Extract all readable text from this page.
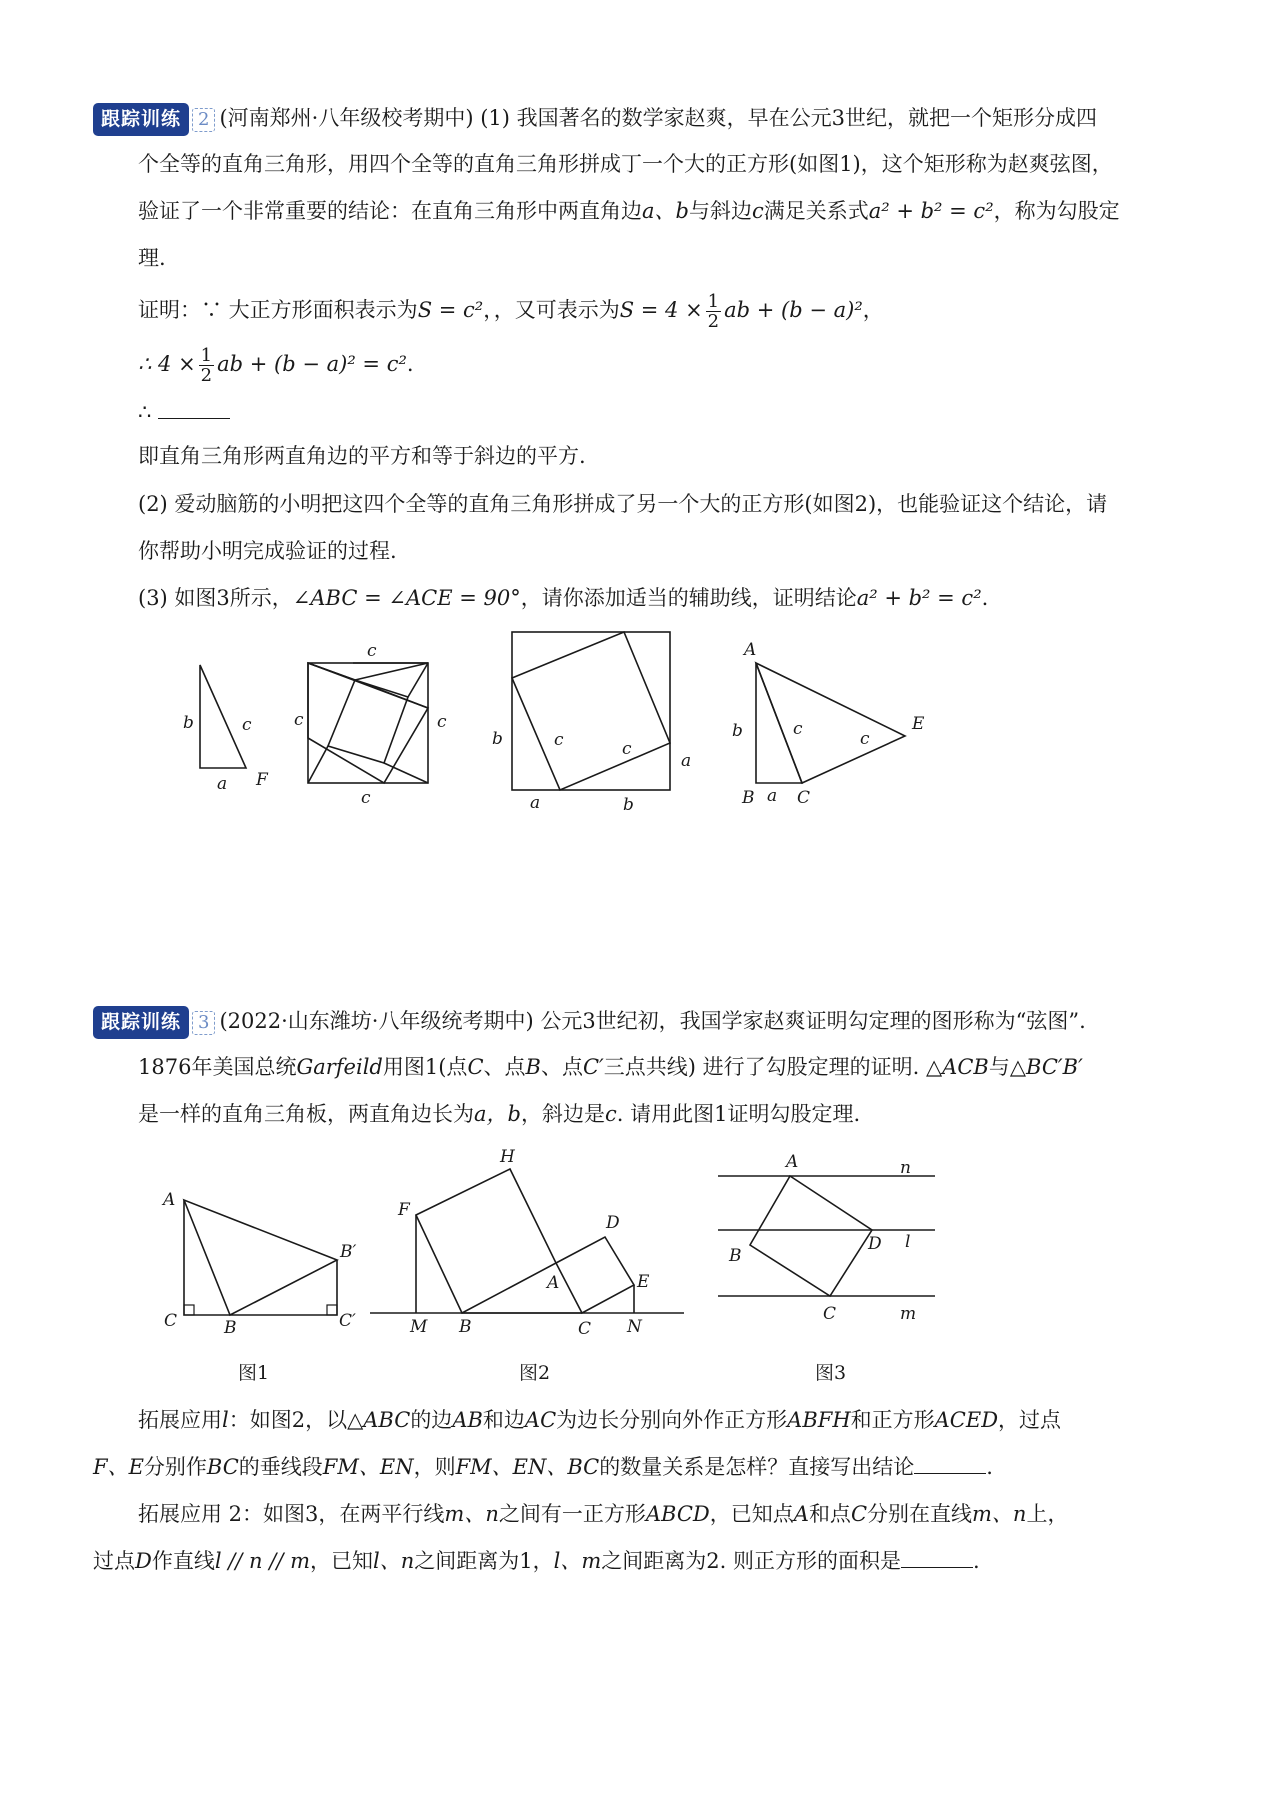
跟踪训练 2 (河南郑州·八年级校考期中) (1) 我国著名的数学家赵爽，早在公元3世纪，就把一个矩形分成四
个全等的直角三角形，用四个全等的直角三角形拼成丁一个大的正方形(如图1)，这个矩形称为赵爽弦图，
验证了一个非常重要的结论：在直角三角形中两直角边a、b与斜边c满足关系式a² + b² = c²，称为勾股定
理.
证明：∵ 大正方形面积表示为S = c²，，又可表示为$S = 4 \times \frac{1}{2}$ ab + (b − a)²，
∴ $4 \times \frac{1}{2}$ ab + (b − a)² = c².
∴
即直角三角形两直角边的平方和等于斜边的平方.
(2) 爱动脑筋的小明把这四个全等的直角三角形拼成了另一个大的正方形(如图2)，也能验证这个结论，请
你帮助小明完成验证的过程.
(3) 如图3所示，∠ABC = ∠ACE = 90°，请你添加适当的辅助线，证明结论a² + b² = c².
b	c
a F
c
c	c
c
b	c	c
a
a	b
A
b	c	c
E
B a C
跟踪训练 3 (2022·山东潍坊·八年级统考期中) 公元3世纪初，我国学家赵爽证明勾定理的图形称为“弦图”.
1876年美国总统Garfeild用图1(点C、点B、点C′三点共线) 进行了勾股定理的证明. △ACB与△BC′B′
是一样的直角三角板，两直角边长为a，b，斜边是c. 请用此图1证明勾股定理.
A
B′
C	B	C′
图1
H
F
D
A	E
M B	C N
图2
A	n
D l
B
C	m
图3
拓展应用l：如图2，以△ABC的边AB和边AC为边长分别向外作正方形ABFH和正方形ACED，过点
F、E分别作BC的垂线段FM、EN，则FM、EN、BC的数量关系是怎样？直接写出结论	.
拓展应用 2：如图3，在两平行线m、n之间有一正方形ABCD，已知点A和点C分别在直线m、n上，
过点D作直线l // n // m，已知l、n之间距离为1，l、m之间距离为2. 则正方形的面积是	.
